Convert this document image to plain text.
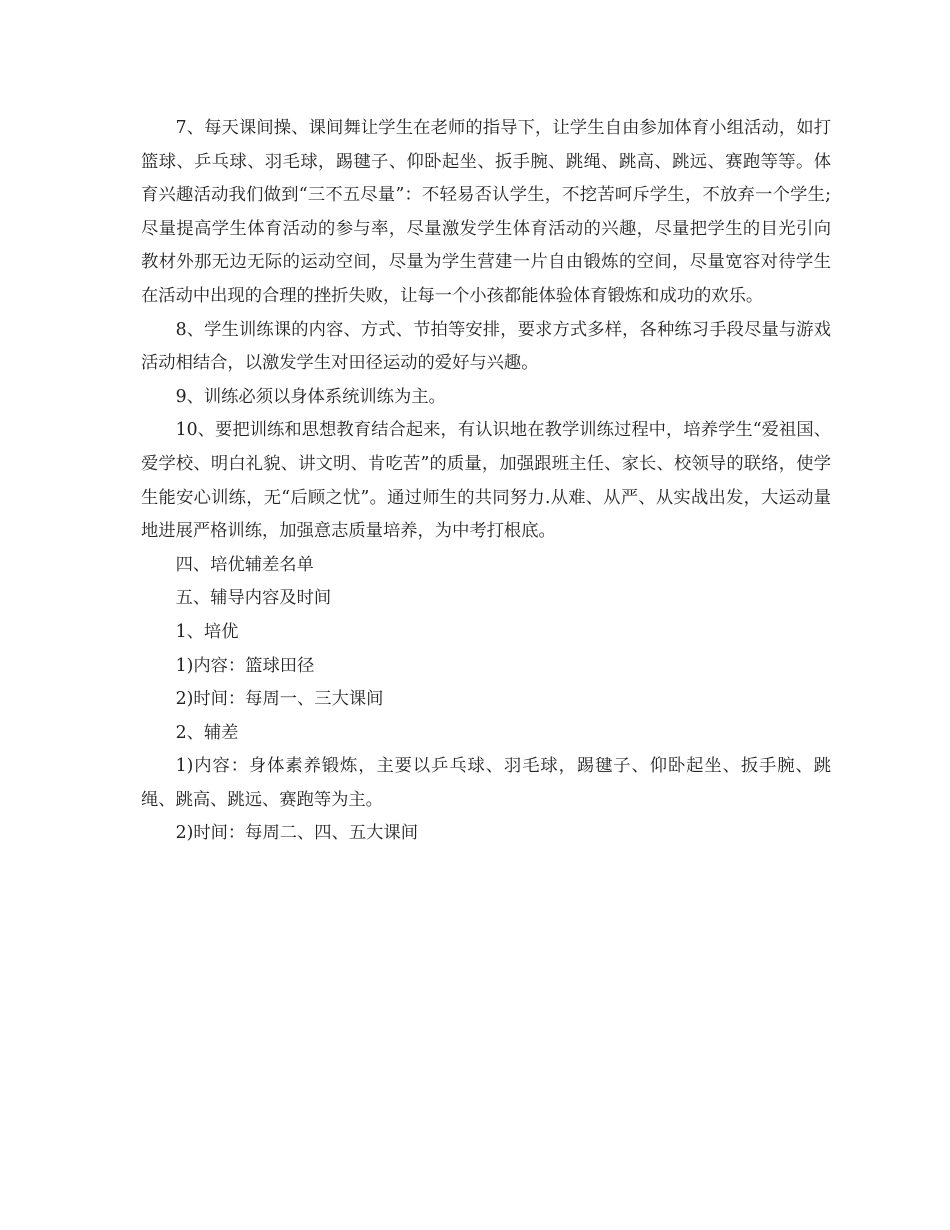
7、每天课间操、课间舞让学生在老师的指导下，让学生自由参加体育小组活动，如打篮球、乒乓球、羽毛球，踢毽子、仰卧起坐、扳手腕、跳绳、跳高、跳远、赛跑等等。体育兴趣活动我们做到“三不五尽量”：不轻易否认学生，不挖苦呵斥学生，不放弃一个学生;尽量提高学生体育活动的参与率，尽量激发学生体育活动的兴趣，尽量把学生的目光引向教材外那无边无际的运动空间，尽量为学生营建一片自由锻炼的空间，尽量宽容对待学生在活动中出现的合理的挫折失败，让每一个小孩都能体验体育锻炼和成功的欢乐。

8、学生训练课的内容、方式、节拍等安排，要求方式多样，各种练习手段尽量与游戏活动相结合，以激发学生对田径运动的爱好与兴趣。

9、训练必须以身体系统训练为主。

10、要把训练和思想教育结合起来，有认识地在教学训练过程中，培养学生“爱祖国、爱学校、明白礼貌、讲文明、肯吃苦”的质量，加强跟班主任、家长、校领导的联络，使学生能安心训练，无“后顾之忧”。通过师生的共同努力.从难、从严、从实战出发，大运动量地进展严格训练，加强意志质量培养，为中考打根底。

四、培优辅差名单

五、辅导内容及时间

1、培优

1)内容：篮球田径

2)时间：每周一、三大课间

2、辅差

1)内容：身体素养锻炼，主要以乒乓球、羽毛球，踢毽子、仰卧起坐、扳手腕、跳绳、跳高、跳远、赛跑等为主。

2)时间：每周二、四、五大课间
